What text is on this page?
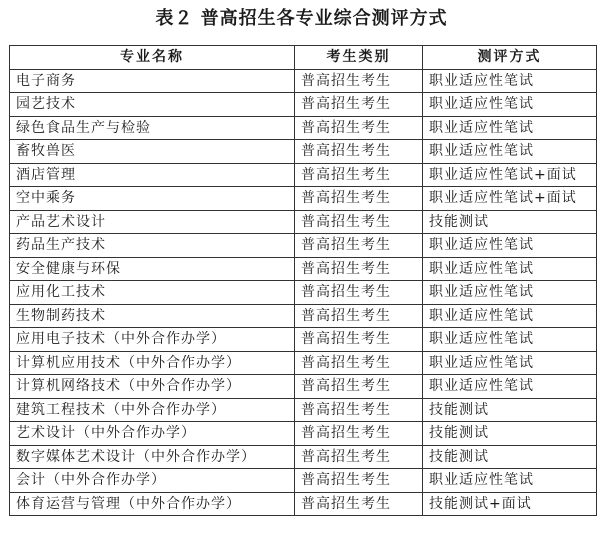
表２ 普高招生各专业综合测评方式
专业名称	考生类别	测评方式
电子商务	普高招生考生	职业适应性笔试
园艺技术	普高招生考生	职业适应性笔试
绿色食品生产与检验	普高招生考生	职业适应性笔试
畜牧兽医	普高招生考生	职业适应性笔试
酒店管理	普高招生考生	职业适应性笔试+面试
空中乘务	普高招生考生	职业适应性笔试+面试
产品艺术设计	普高招生考生	技能测试
药品生产技术	普高招生考生	职业适应性笔试
安全健康与环保	普高招生考生	职业适应性笔试
应用化工技术	普高招生考生	职业适应性笔试
生物制药技术	普高招生考生	职业适应性笔试
应用电子技术（中外合作办学）	普高招生考生	职业适应性笔试
计算机应用技术（中外合作办学）	普高招生考生	职业适应性笔试
计算机网络技术（中外合作办学）	普高招生考生	职业适应性笔试
建筑工程技术（中外合作办学）	普高招生考生	技能测试
艺术设计（中外合作办学）	普高招生考生	技能测试
数字媒体艺术设计（中外合作办学）	普高招生考生	技能测试
会计（中外合作办学）	普高招生考生	职业适应性笔试
体育运营与管理（中外合作办学）	普高招生考生	技能测试+面试
